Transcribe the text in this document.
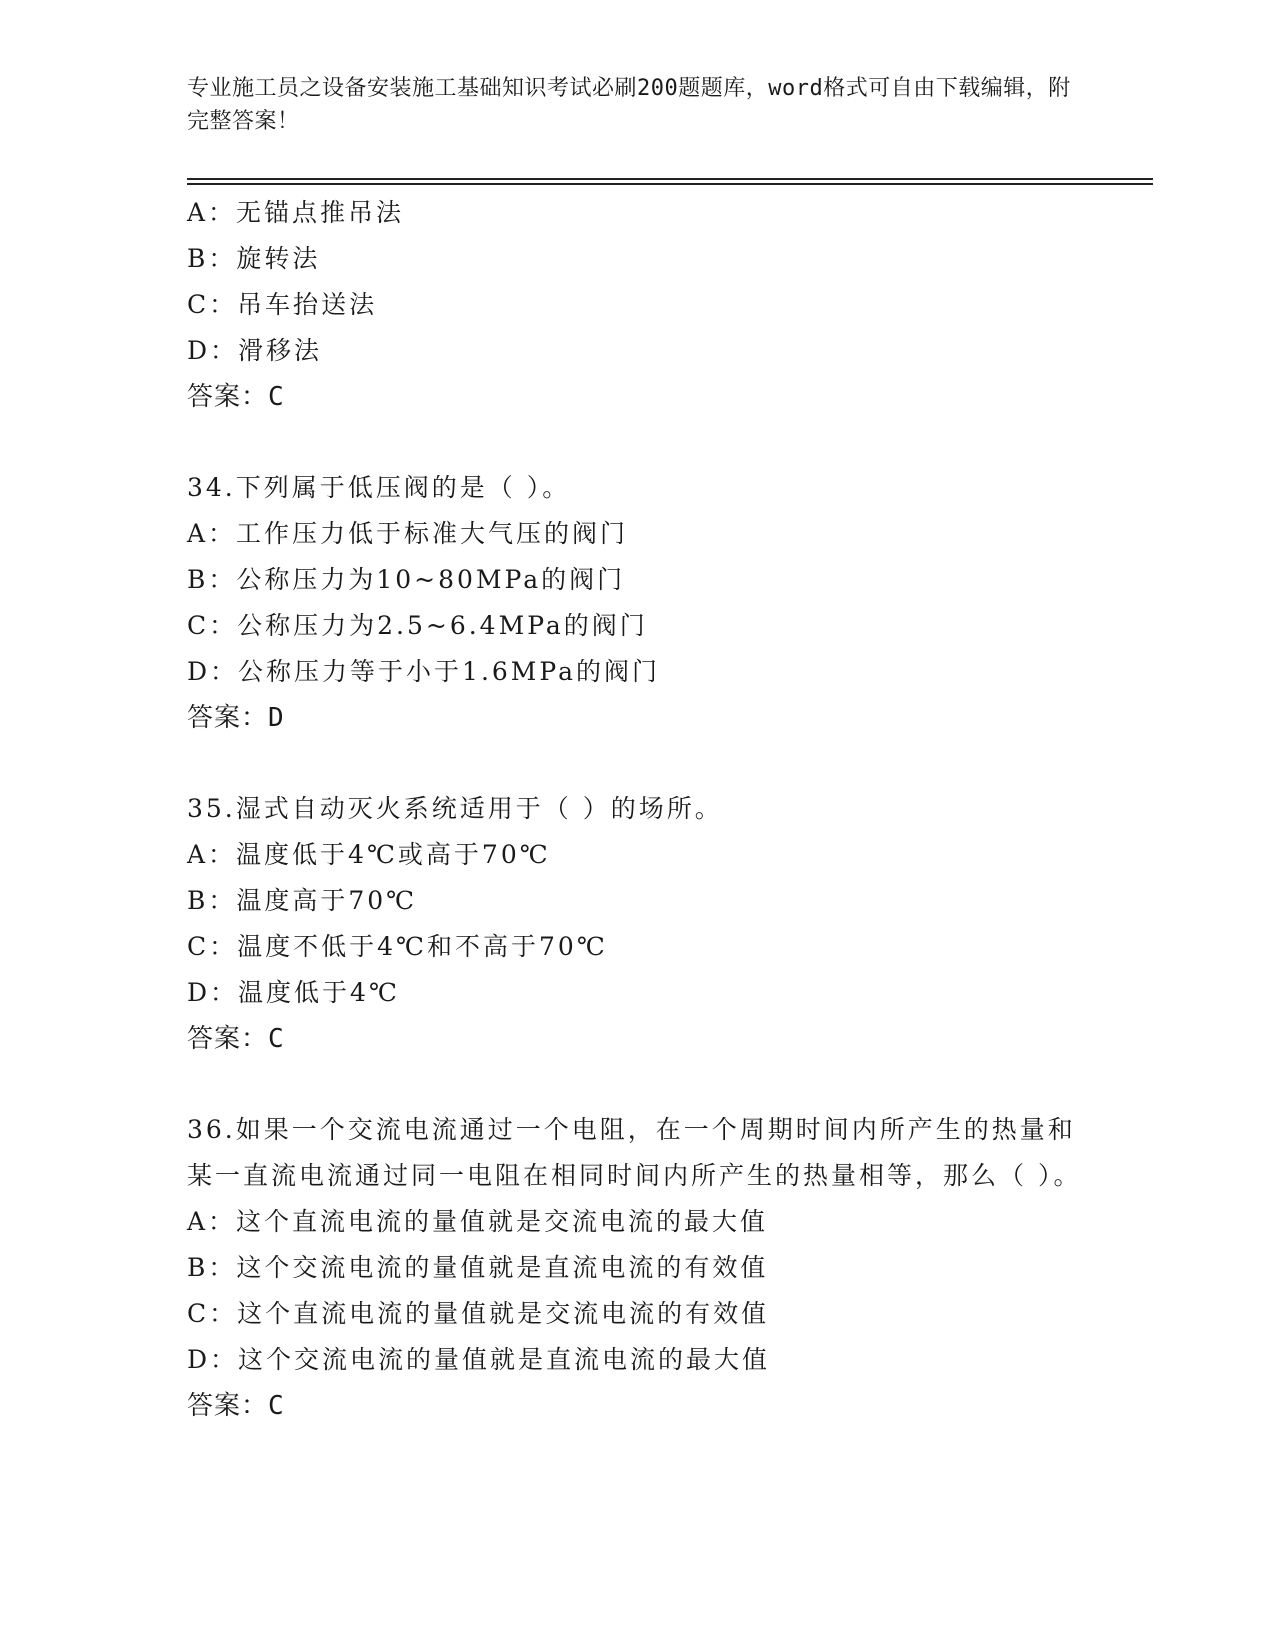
专业施工员之设备安装施工基础知识考试必刷200题题库，word格式可自由下载编辑，附完整答案！
A：无锚点推吊法
B：旋转法
C：吊车抬送法
D：滑移法
答案：C
34.下列属于低压阀的是（ ）。
A：工作压力低于标准大气压的阀门
B：公称压力为10~80MPa的阀门
C：公称压力为2.5~6.4MPa的阀门
D：公称压力等于小于1.6MPa的阀门
答案：D
35.湿式自动灭火系统适用于（ ）的场所。
A：温度低于4℃或高于70℃
B：温度高于70℃
C：温度不低于4℃和不高于70℃
D：温度低于4℃
答案：C
36.如果一个交流电流通过一个电阻，在一个周期时间内所产生的热量和某一直流电流通过同一电阻在相同时间内所产生的热量相等，那么（ ）。
A：这个直流电流的量值就是交流电流的最大值
B：这个交流电流的量值就是直流电流的有效值
C：这个直流电流的量值就是交流电流的有效值
D：这个交流电流的量值就是直流电流的最大值
答案：C
